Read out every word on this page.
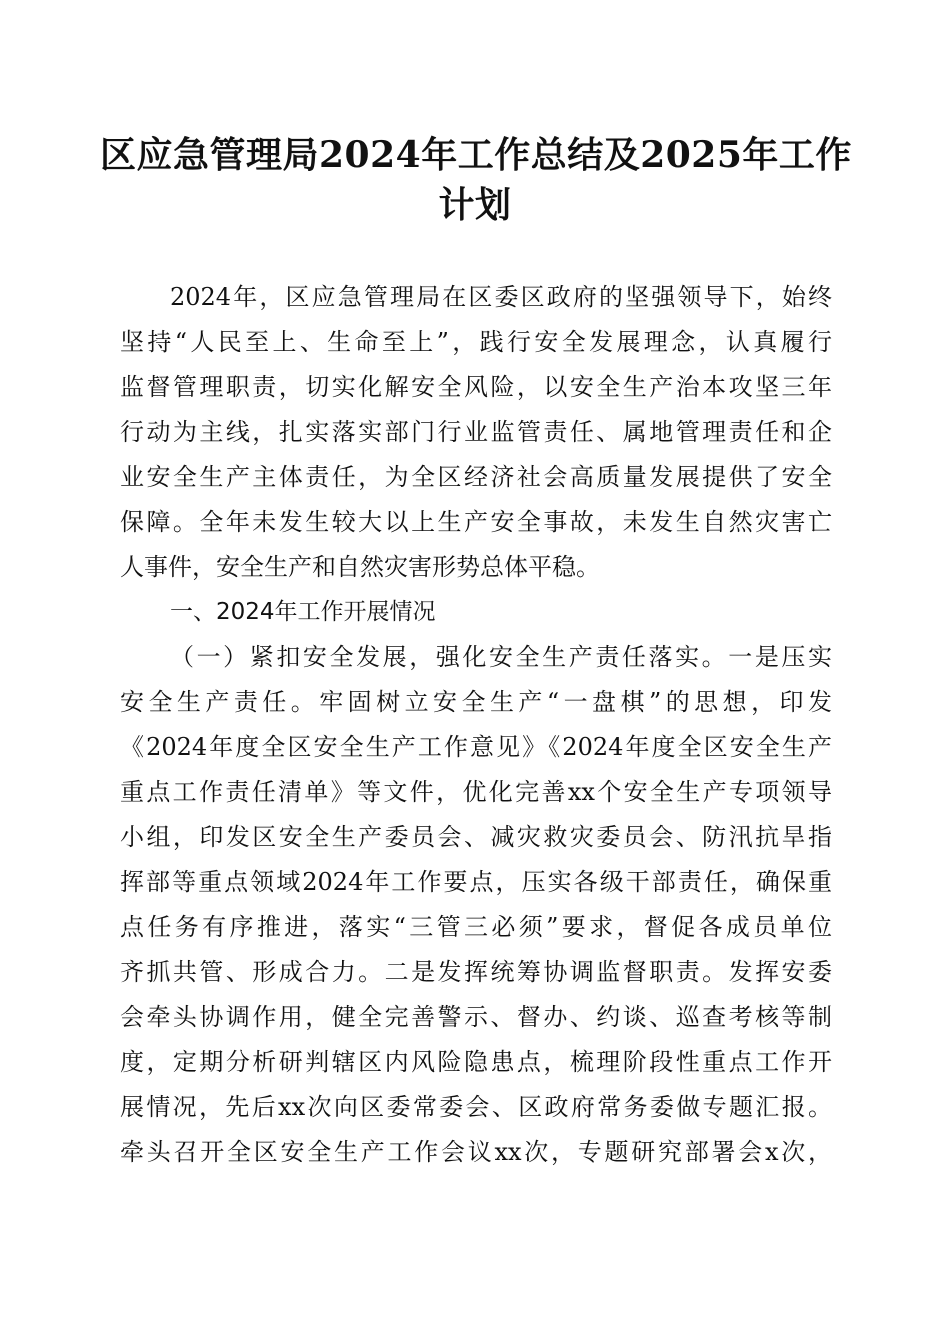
区应急管理局2024年工作总结及2025年工作
计划
2024年，区应急管理局在区委区政府的坚强领导下，始终
坚持“人民至上、生命至上”，践行安全发展理念，认真履行
监督管理职责，切实化解安全风险，以安全生产治本攻坚三年
行动为主线，扎实落实部门行业监管责任、属地管理责任和企
业安全生产主体责任，为全区经济社会高质量发展提供了安全
保障。全年未发生较大以上生产安全事故，未发生自然灾害亡
人事件，安全生产和自然灾害形势总体平稳。
一、2024年工作开展情况
（一）紧扣安全发展，强化安全生产责任落实。一是压实
安全生产责任。牢固树立安全生产“一盘棋”的思想，印发
《2024年度全区安全生产工作意见》《2024年度全区安全生产
重点工作责任清单》等文件，优化完善xx个安全生产专项领导
小组，印发区安全生产委员会、减灾救灾委员会、防汛抗旱指
挥部等重点领域2024年工作要点，压实各级干部责任，确保重
点任务有序推进，落实“三管三必须”要求，督促各成员单位
齐抓共管、形成合力。二是发挥统筹协调监督职责。发挥安委
会牵头协调作用，健全完善警示、督办、约谈、巡查考核等制
度，定期分析研判辖区内风险隐患点，梳理阶段性重点工作开
展情况，先后xx次向区委常委会、区政府常务委做专题汇报。
牵头召开全区安全生产工作会议xx次，专题研究部署会x次，
